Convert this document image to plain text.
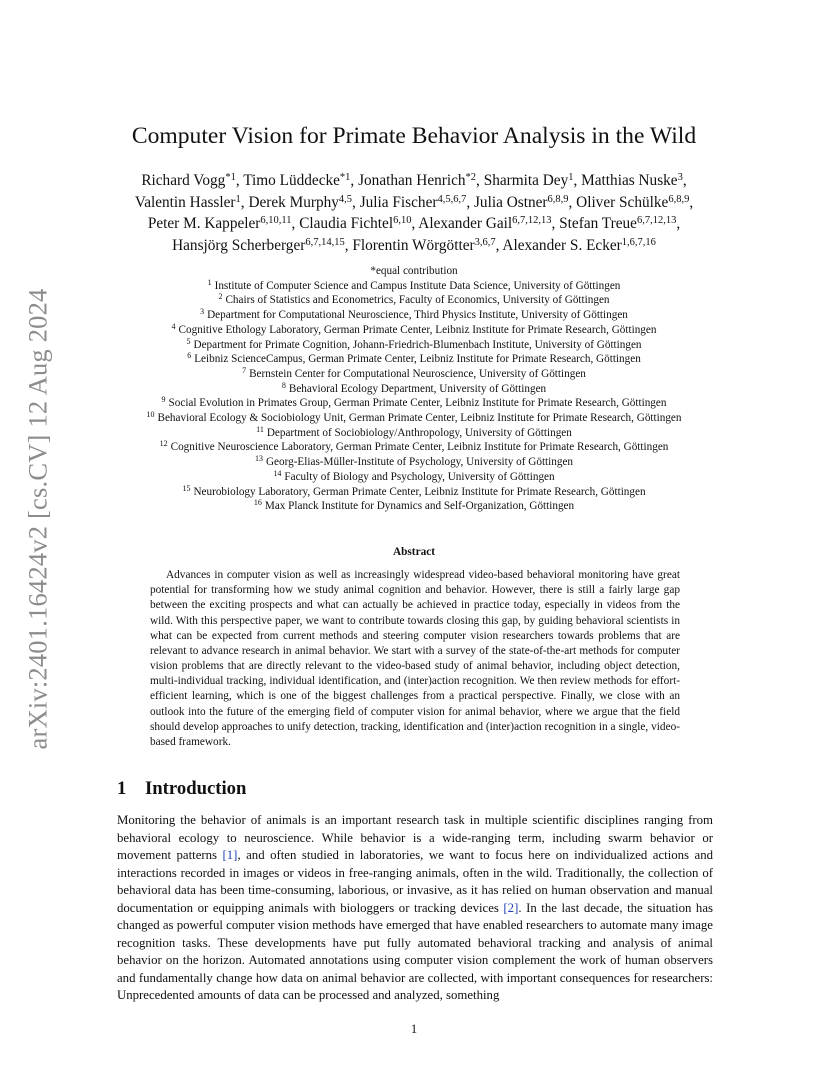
arXiv:2401.16424v2 [cs.CV] 12 Aug 2024
Computer Vision for Primate Behavior Analysis in the Wild
Richard Vogg$^{*1}$, Timo Lüddecke$^{*1}$, Jonathan Henrich$^{*2}$, Sharmita Dey$^1$, Matthias Nuske$^3$,
Valentin Hassler$^1$, Derek Murphy$^{4,5}$, Julia Fischer$^{4,5,6,7}$, Julia Ostner$^{6,8,9}$, Oliver Schülke$^{6,8,9}$,
Peter M. Kappeler$^{6,10,11}$, Claudia Fichtel$^{6,10}$, Alexander Gail$^{6,7,12,13}$, Stefan Treue$^{6,7,12,13}$,
Hansjörg Scherberger$^{6,7,14,15}$, Florentin Wörgötter$^{3,6,7}$, Alexander S. Ecker$^{1,6,7,16}$
*equal contribution
$^1$ Institute of Computer Science and Campus Institute Data Science, University of Göttingen
$^2$ Chairs of Statistics and Econometrics, Faculty of Economics, University of Göttingen
$^3$ Department for Computational Neuroscience, Third Physics Institute, University of Göttingen
$^4$ Cognitive Ethology Laboratory, German Primate Center, Leibniz Institute for Primate Research, Göttingen
$^5$ Department for Primate Cognition, Johann-Friedrich-Blumenbach Institute, University of Göttingen
$^6$ Leibniz ScienceCampus, German Primate Center, Leibniz Institute for Primate Research, Göttingen
$^7$ Bernstein Center for Computational Neuroscience, University of Göttingen
$^8$ Behavioral Ecology Department, University of Göttingen
$^9$ Social Evolution in Primates Group, German Primate Center, Leibniz Institute for Primate Research, Göttingen
$^{10}$ Behavioral Ecology & Sociobiology Unit, German Primate Center, Leibniz Institute for Primate Research, Göttingen
$^{11}$ Department of Sociobiology/Anthropology, University of Göttingen
$^{12}$ Cognitive Neuroscience Laboratory, German Primate Center, Leibniz Institute for Primate Research, Göttingen
$^{13}$ Georg-Elias-Müller-Institute of Psychology, University of Göttingen
$^{14}$ Faculty of Biology and Psychology, University of Göttingen
$^{15}$ Neurobiology Laboratory, German Primate Center, Leibniz Institute for Primate Research, Göttingen
$^{16}$ Max Planck Institute for Dynamics and Self-Organization, Göttingen
Abstract
Advances in computer vision as well as increasingly widespread video-based behavioral monitoring have great potential for transforming how we study animal cognition and behavior. However, there is still a fairly large gap between the exciting prospects and what can actually be achieved in practice today, especially in videos from the wild. With this perspective paper, we want to contribute towards closing this gap, by guiding behavioral scientists in what can be expected from current methods and steering computer vision researchers towards problems that are relevant to advance research in animal behavior. We start with a survey of the state-of-the-art methods for computer vision problems that are directly relevant to the video-based study of animal behavior, including object detection, multi-individual tracking, individual identification, and (inter)action recognition. We then review methods for effort-efficient learning, which is one of the biggest challenges from a practical perspective. Finally, we close with an outlook into the future of the emerging field of computer vision for animal behavior, where we argue that the field should develop approaches to unify detection, tracking, identification and (inter)action recognition in a single, video-based framework.
1 Introduction
Monitoring the behavior of animals is an important research task in multiple scientific disciplines ranging from behavioral ecology to neuroscience. While behavior is a wide-ranging term, including swarm behavior or movement patterns [1], and often studied in laboratories, we want to focus here on individualized actions and interactions recorded in images or videos in free-ranging animals, often in the wild. Traditionally, the collection of behavioral data has been time-consuming, laborious, or invasive, as it has relied on human observation and manual documentation or equipping animals with biologgers or tracking devices [2]. In the last decade, the situation has changed as powerful computer vision methods have emerged that have enabled researchers to automate many image recognition tasks. These developments have put fully automated behavioral tracking and analysis of animal behavior on the horizon. Automated annotations using computer vision complement the work of human observers and fundamentally change how data on animal behavior are collected, with important consequences for researchers: Unprecedented amounts of data can be processed and analyzed, something
1
